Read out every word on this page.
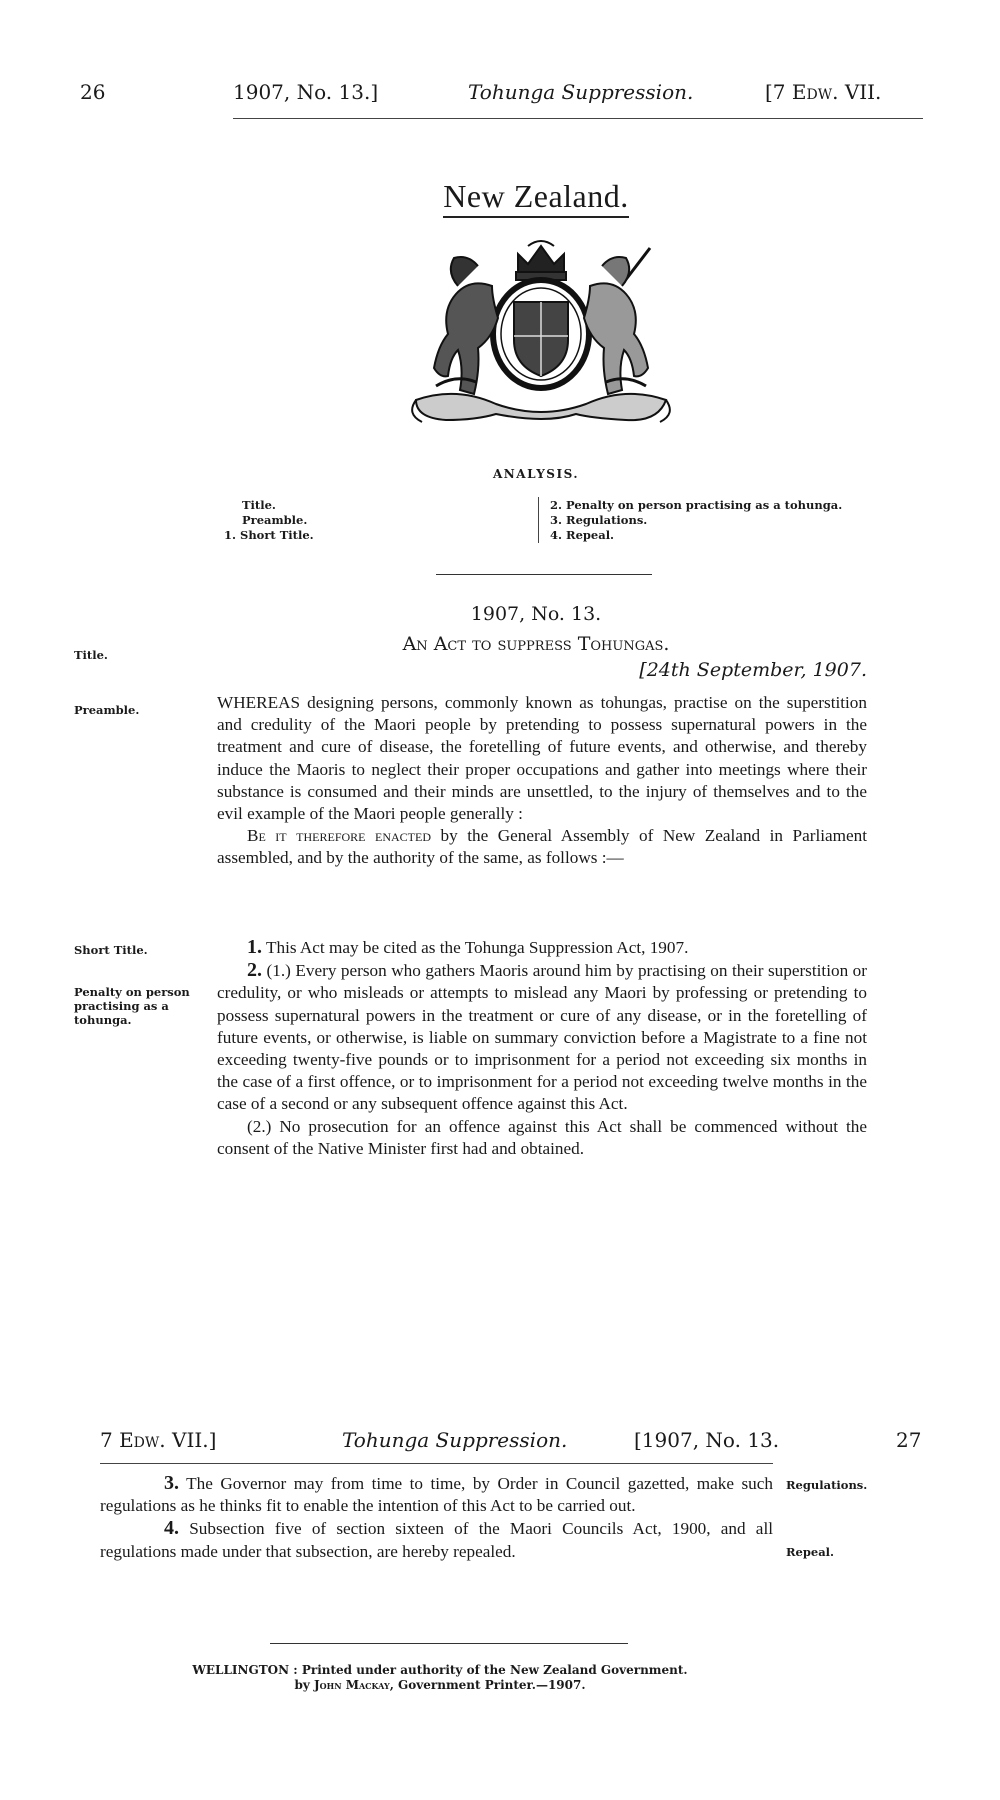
26	1907, No. 13.]	Tohunga Suppression.	[7 Edw. VII.
New Zealand.
ANALYSIS.
Title.
Preamble.
1. Short Title.
2. Penalty on person practising as a tohunga.
3. Regulations.
4. Repeal.
1907, No. 13.
An Act to suppress Tohungas.
[24th September, 1907.
Title.
Preamble.
Short Title.
Penalty on person practising as a tohunga.
WHEREAS designing persons, commonly known as tohungas, practise on the superstition and credulity of the Maori people by pretending to possess supernatural powers in the treatment and cure of disease, the foretelling of future events, and otherwise, and thereby induce the Maoris to neglect their proper occupations and gather into meetings where their substance is consumed and their minds are unsettled, to the injury of themselves and to the evil example of the Maori people generally :
Be it therefore enacted by the General Assembly of New Zealand in Parliament assembled, and by the authority of the same, as follows :—
1. This Act may be cited as the Tohunga Suppression Act, 1907.
2. (1.) Every person who gathers Maoris around him by practising on their superstition or credulity, or who misleads or attempts to mislead any Maori by professing or pretending to possess supernatural powers in the treatment or cure of any disease, or in the foretelling of future events, or otherwise, is liable on summary conviction before a Magistrate to a fine not exceeding twenty-five pounds or to imprisonment for a period not exceeding six months in the case of a first offence, or to imprisonment for a period not exceeding twelve months in the case of a second or any subsequent offence against this Act.
(2.) No prosecution for an offence against this Act shall be commenced without the consent of the Native Minister first had and obtained.
7 Edw. VII.]	Tohunga Suppression.	[1907, No. 13.	27
3. The Governor may from time to time, by Order in Council gazetted, make such regulations as he thinks fit to enable the intention of this Act to be carried out.
4. Subsection five of section sixteen of the Maori Councils Act, 1900, and all regulations made under that subsection, are hereby repealed.
Regulations.
Repeal.
WELLINGTON : Printed under authority of the New Zealand Government.
by John Mackay, Government Printer.—1907.
